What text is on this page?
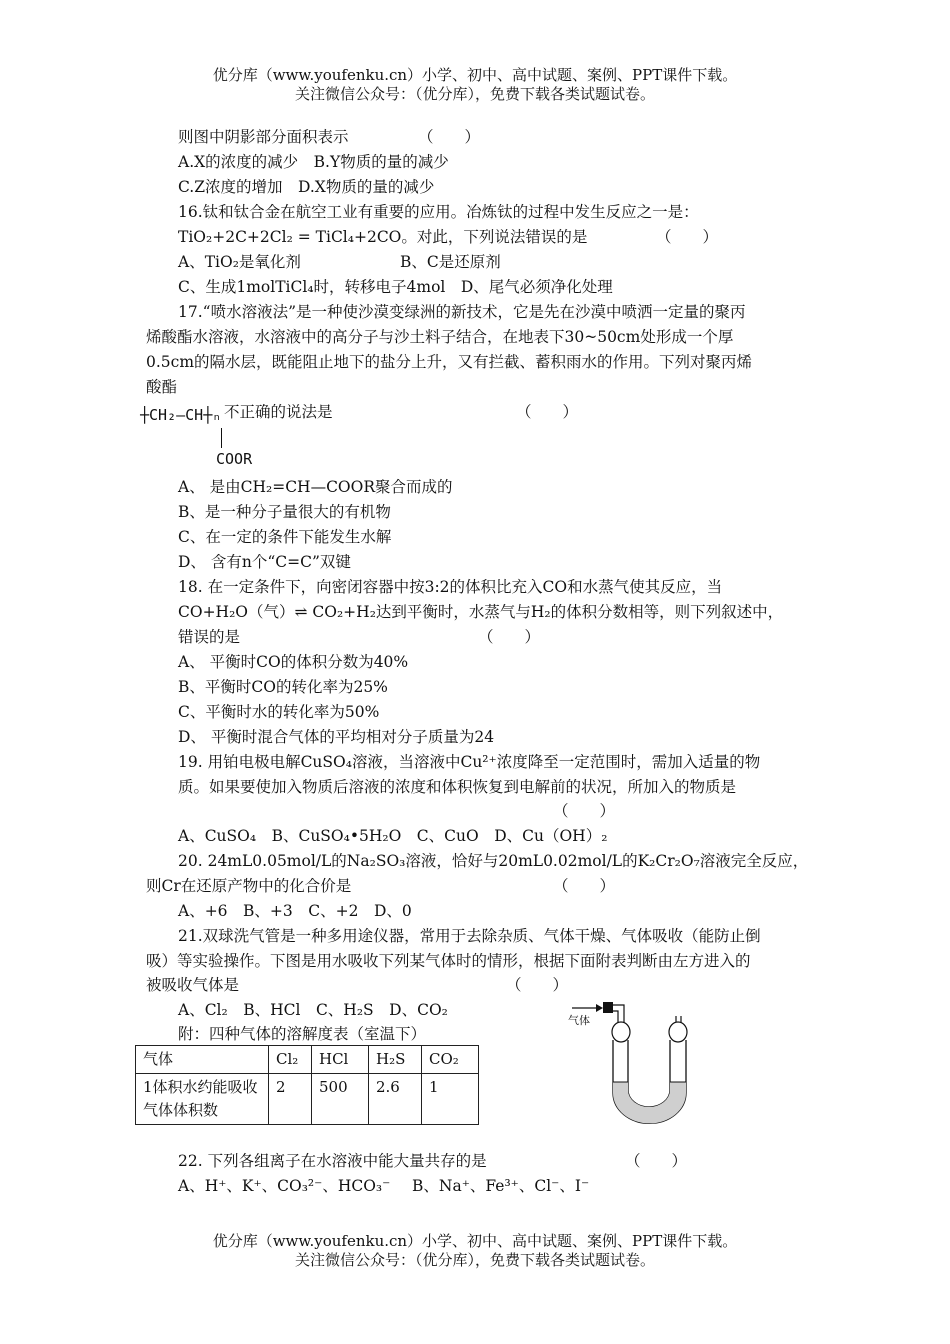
优分库（www.youfenku.cn）小学、初中、高中试题、案例、PPT课件下载。
关注微信公众号：（优分库），免费下载各类试题试卷。
则图中阴影部分面积表示	（　　）
A.X的浓度的减少　B.Y物质的量的减少
C.Z浓度的增加　D.X物质的量的减少
16.钛和钛合金在航空工业有重要的应用。冶炼钛的过程中发生反应之一是：
TiO₂+2C+2Cl₂ = TiCl₄+2CO。对此，下列说法错误的是	（　　）
A、TiO₂是氧化剂	B、C是还原剂
C、生成1molTiCl₄时，转移电子4mol　D、尾气必须净化处理
17.“喷水溶液法”是一种使沙漠变绿洲的新技术，它是先在沙漠中喷洒一定量的聚丙
烯酸酯水溶液，水溶液中的高分子与沙土料子结合，在地表下30~50cm处形成一个厚
0.5cm的隔水层，既能阻止地下的盐分上升，又有拦截、蓄积雨水的作用。下列对聚丙烯
酸酯
不正确的说法是	（　　）
┼CH₂—CH┼ₙ
COOR
A、 是由CH₂=CH—COOR聚合而成的
B、是一种分子量很大的有机物
C、在一定的条件下能发生水解
D、 含有n个“C=C”双键
18. 在一定条件下，向密闭容器中按3:2的体积比充入CO和水蒸气使其反应，当
CO+H₂O（气）⇌ CO₂+H₂达到平衡时，水蒸气与H₂的体积分数相等，则下列叙述中，
错误的是	（　　）
A、 平衡时CO的体积分数为40%
B、平衡时CO的转化率为25%
C、平衡时水的转化率为50%
D、 平衡时混合气体的平均相对分子质量为24
19. 用铂电极电解CuSO₄溶液，当溶液中Cu²⁺浓度降至一定范围时，需加入适量的物
质。如果要使加入物质后溶液的浓度和体积恢复到电解前的状况，所加入的物质是
（　　）
A、CuSO₄　B、CuSO₄•5H₂O　C、CuO　D、Cu（OH）₂
20. 24mL0.05mol/L的Na₂SO₃溶液，恰好与20mL0.02mol/L的K₂Cr₂O₇溶液完全反应，
则Cr在还原产物中的化合价是	（　　）
A、+6　B、+3　C、+2　D、0
21.双球洗气管是一种多用途仪器，常用于去除杂质、气体干燥、气体吸收（能防止倒
吸）等实验操作。下图是用水吸收下列某气体时的情形，根据下面附表判断由左方进入的
被吸收气体是	（　　）
A、Cl₂　B、HCl　C、H₂S　D、CO₂
附：四种气体的溶解度表（室温下）
气体	Cl₂	HCl	H₂S	CO₂
1体积水约能吸收气体体积数	2	500	2.6	1
气体
22. 下列各组离子在水溶液中能大量共存的是	（　　）
A、H⁺、K⁺、CO₃²⁻、HCO₃⁻ B、Na⁺、Fe³⁺、Cl⁻、I⁻
优分库（www.youfenku.cn）小学、初中、高中试题、案例、PPT课件下载。
关注微信公众号：（优分库），免费下载各类试题试卷。
